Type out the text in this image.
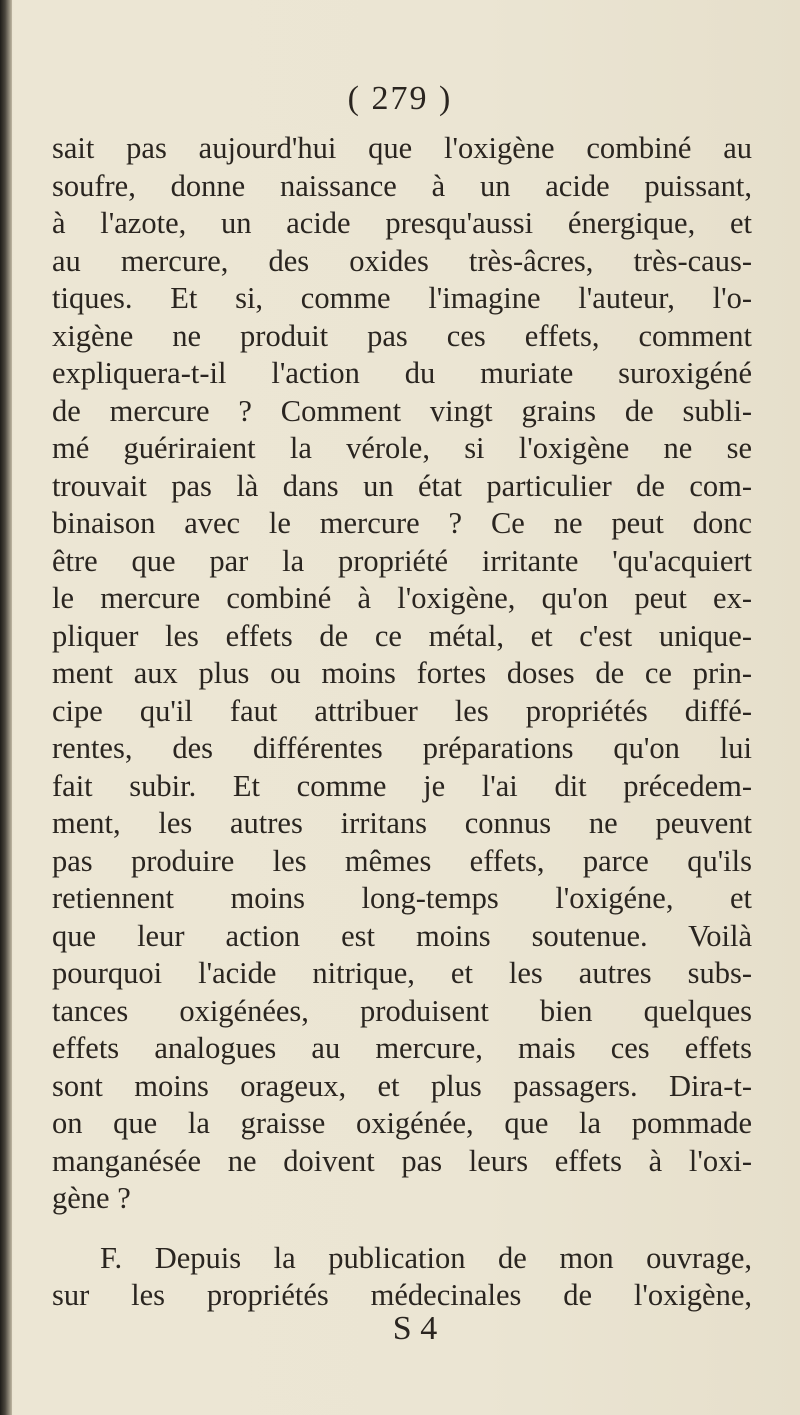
( 279 )
sait pas aujourd'hui que l'oxigène combiné au
soufre, donne naissance à un acide puissant,
à l'azote, un acide presqu'aussi énergique, et
au mercure, des oxides très-âcres, très-caus-
tiques. Et si, comme l'imagine l'auteur, l'o-
xigène ne produit pas ces effets, comment
expliquera-t-il l'action du muriate suroxigéné
de mercure ? Comment vingt grains de subli-
mé guériraient la vérole, si l'oxigène ne se
trouvait pas là dans un état particulier de com-
binaison avec le mercure ? Ce ne peut donc
être que par la propriété irritante 'qu'acquiert
le mercure combiné à l'oxigène, qu'on peut ex-
pliquer les effets de ce métal, et c'est unique-
ment aux plus ou moins fortes doses de ce prin-
cipe qu'il faut attribuer les propriétés diffé-
rentes, des différentes préparations qu'on lui
fait subir. Et comme je l'ai dit précedem-
ment, les autres irritans connus ne peuvent
pas produire les mêmes effets, parce qu'ils
retiennent moins long-temps l'oxigéne, et
que leur action est moins soutenue. Voilà
pourquoi l'acide nitrique, et les autres subs-
tances oxigénées, produisent bien quelques
effets analogues au mercure, mais ces effets
sont moins orageux, et plus passagers. Dira-t-
on que la graisse oxigénée, que la pommade
manganésée ne doivent pas leurs effets à l'oxi-
gène ?
F. Depuis la publication de mon ouvrage,
sur les propriétés médecinales de l'oxigène,
S 4
